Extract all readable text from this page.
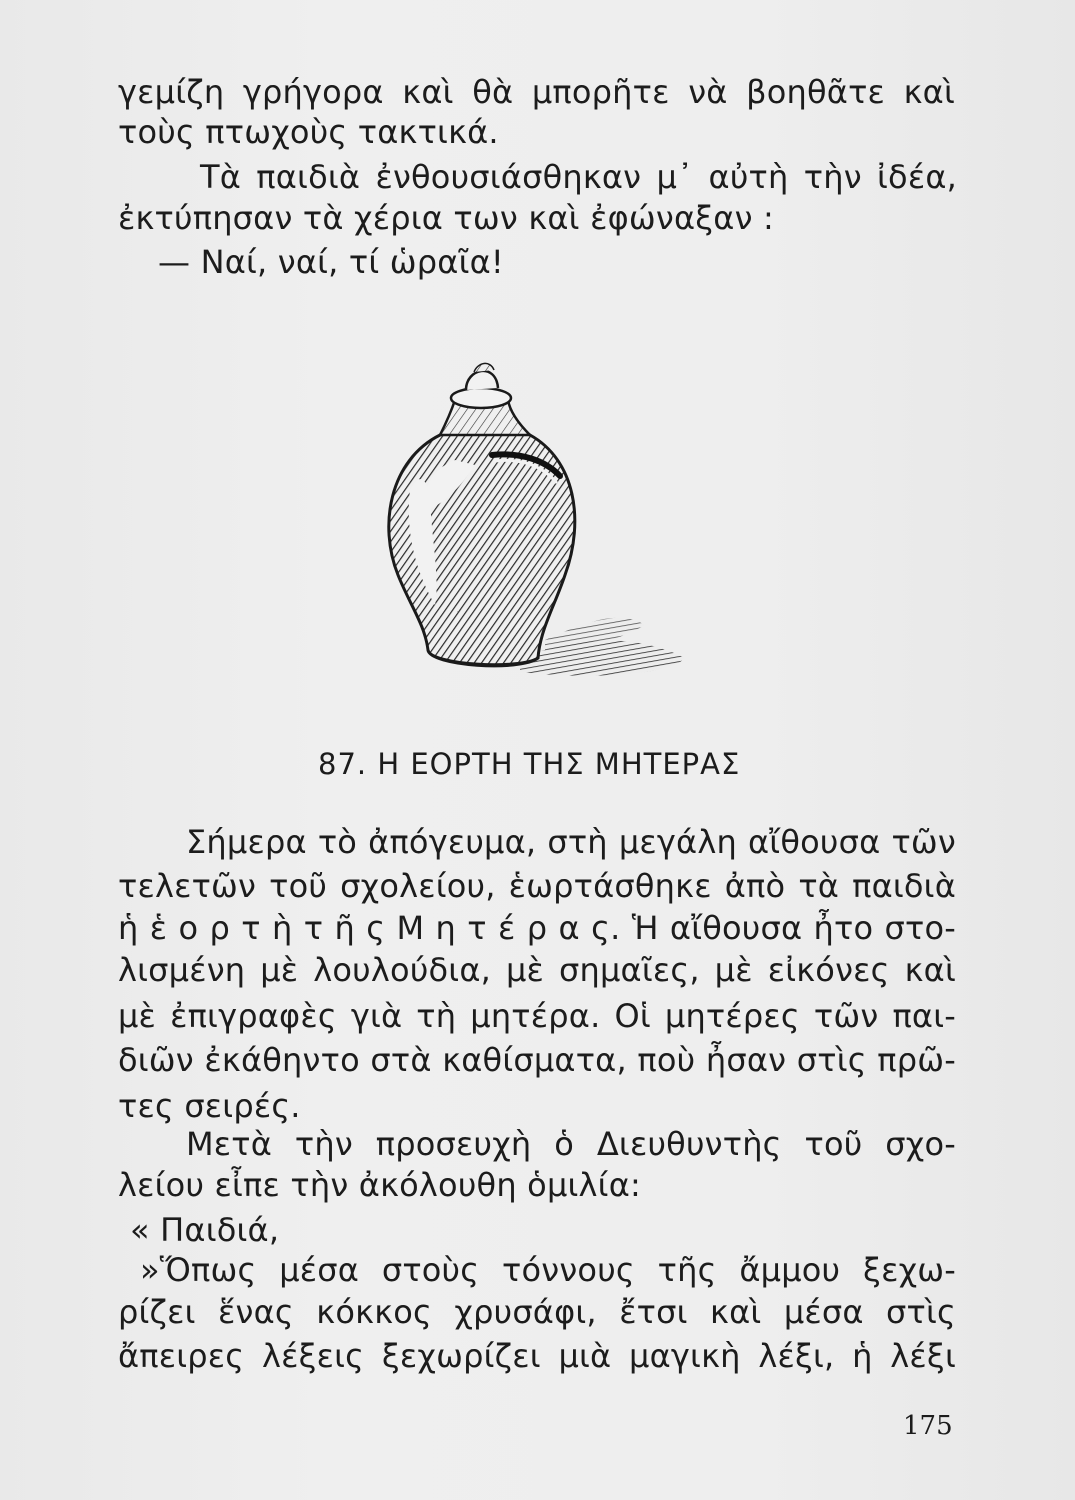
γεμίζη γρήγορα καὶ θὰ μπορῆτε νὰ βοηθᾶτε καὶ
τοὺς πτωχοὺς τακτικά.
Τὰ παιδιὰ ἐνθουσιάσθηκαν μ᾿ αὐτὴ τὴν ἰδέα,
ἐκτύπησαν τὰ χέρια των καὶ ἐφώναξαν :
— Ναί, ναί, τί ὡραῖα!
87. Η ΕΟΡΤΗ ΤΗΣ ΜΗΤΕΡΑΣ
Σήμερα τὸ ἀπόγευμα, στὴ μεγάλη αἴθουσα τῶν
τελετῶν τοῦ σχολείου, ἑωρτάσθηκε ἀπὸ τὰ παιδιὰ
ἡ ἑ ο ρ τ ὴ τ ῆ ς Μ η τ έ ρ α ς. Ἡ αἴθουσα ἦτο στο-
λισμένη μὲ λουλούδια, μὲ σημαῖες, μὲ εἰκόνες καὶ
μὲ ἐπιγραφὲς γιὰ τὴ μητέρα. Οἱ μητέρες τῶν παι-
διῶν ἐκάθηντο στὰ καθίσματα, ποὺ ἦσαν στὶς πρῶ-
τες σειρές.
Μετὰ τὴν προσευχὴ ὁ Διευθυντὴς τοῦ σχο-
λείου εἶπε τὴν ἀκόλουθη ὁμιλία:
« Παιδιά,
»Ὅπως μέσα στοὺς τόννους τῆς ἄμμου ξεχω-
ρίζει ἕνας κόκκος χρυσάφι, ἔτσι καὶ μέσα στὶς
ἄπειρες λέξεις ξεχωρίζει μιὰ μαγικὴ λέξι, ἡ λέξι
175
